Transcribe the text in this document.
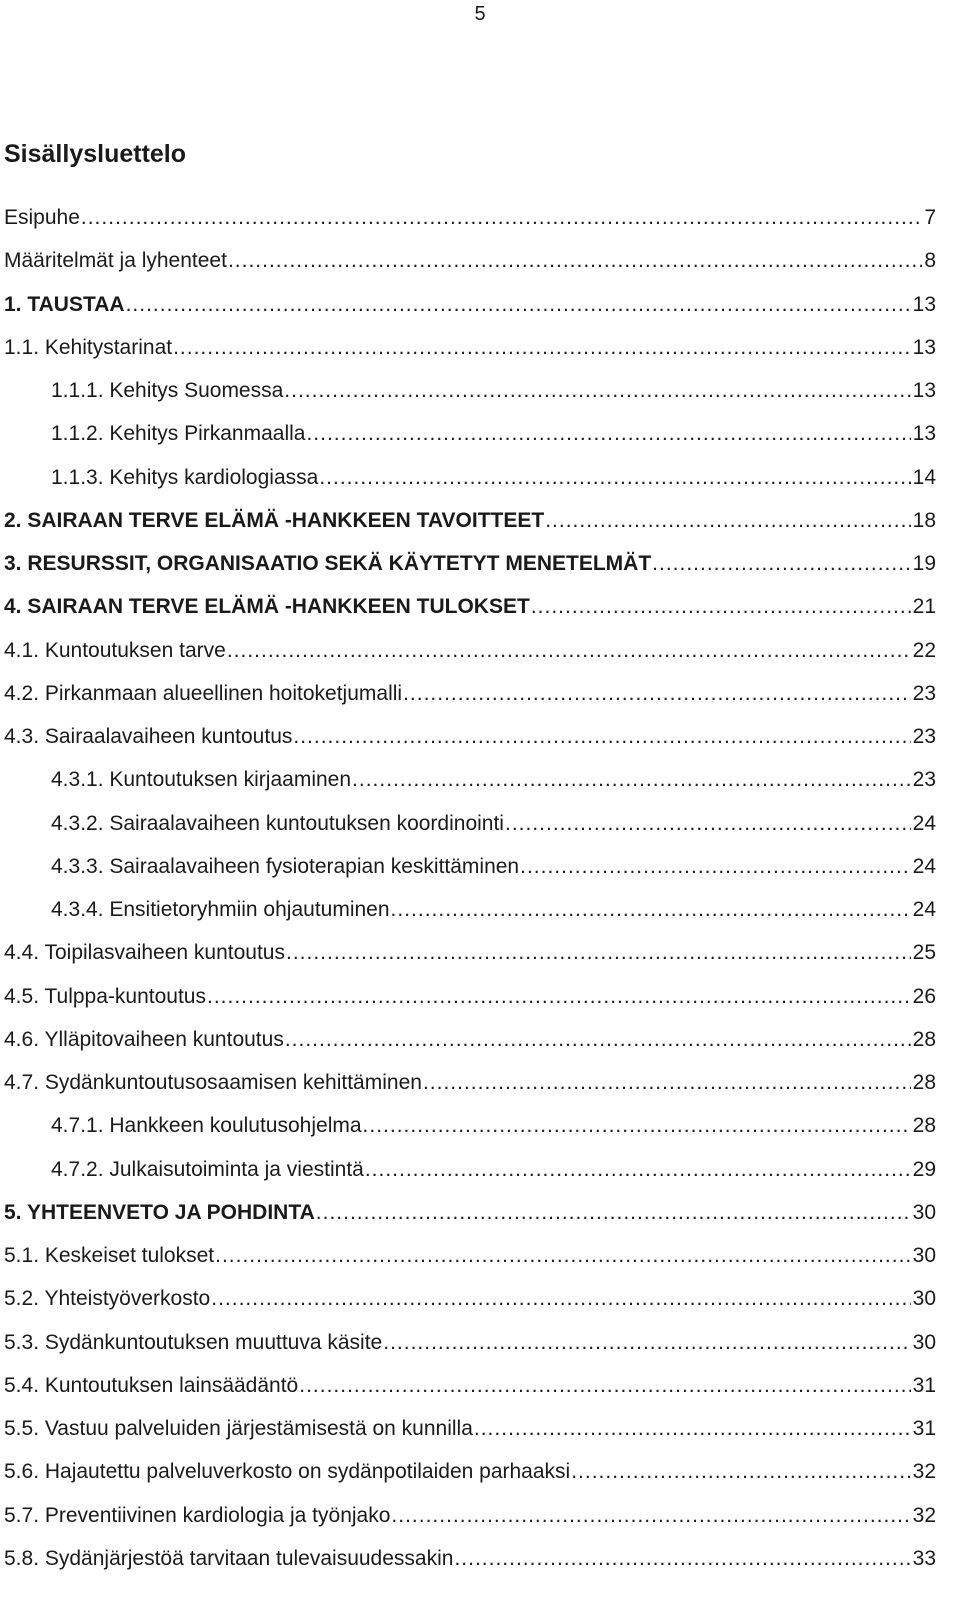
5
Sisällysluettelo
Esipuhe .....	7
Määritelmät ja lyhenteet .....	8
1. TAUSTAA .....	13
1.1. Kehitystarinat .....	13
1.1.1. Kehitys Suomessa .....	13
1.1.2. Kehitys Pirkanmaalla .....	13
1.1.3. Kehitys kardiologiassa .....	14
2. SAIRAAN TERVE ELÄMÄ -HANKKEEN TAVOITTEET .....	18
3. RESURSSIT, ORGANISAATIO SEKÄ KÄYTETYT MENETELMÄT .....	19
4. SAIRAAN TERVE ELÄMÄ -HANKKEEN TULOKSET .....	21
4.1. Kuntoutuksen tarve .....	22
4.2. Pirkanmaan alueellinen hoitoketjumalli .....	23
4.3. Sairaalavaiheen kuntoutus .....	23
4.3.1. Kuntoutuksen kirjaaminen .....	23
4.3.2. Sairaalavaiheen kuntoutuksen koordinointi .....	24
4.3.3. Sairaalavaiheen fysioterapian keskittäminen .....	24
4.3.4. Ensitietoryhmiin ohjautuminen .....	24
4.4. Toipilasvaiheen kuntoutus .....	25
4.5. Tulppa-kuntoutus .....	26
4.6. Ylläpitovaiheen kuntoutus .....	28
4.7. Sydänkuntoutusosaamisen kehittäminen .....	28
4.7.1. Hankkeen koulutusohjelma .....	28
4.7.2. Julkaisutoiminta ja viestintä .....	29
5. YHTEENVETO JA POHDINTA .....	30
5.1. Keskeiset tulokset .....	30
5.2. Yhteistyöverkosto .....	30
5.3. Sydänkuntoutuksen muuttuva käsite .....	30
5.4. Kuntoutuksen lainsäädäntö .....	31
5.5. Vastuu palveluiden järjestämisestä on kunnilla .....	31
5.6. Hajautettu palveluverkosto on sydänpotilaiden parhaaksi .....	32
5.7. Preventiivinen kardiologia ja työnjako .....	32
5.8. Sydänjärjestöä tarvitaan tulevaisuudessakin .....	33
